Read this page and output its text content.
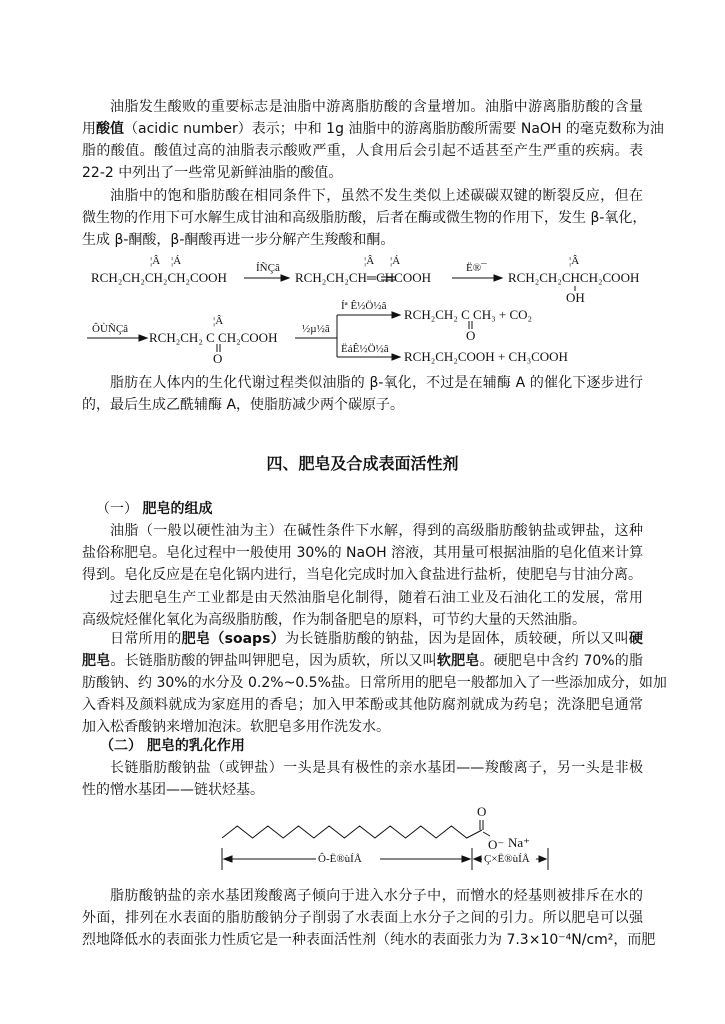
油脂发生酸败的重要标志是油脂中游离脂肪酸的含量增加。油脂中游离脂肪酸的含量
用酸值（acidic number）表示；中和 1g 油脂中的游离脂肪酸所需要 NaOH 的毫克数称为油
脂的酸值。酸值过高的油脂表示酸败严重，人食用后会引起不适甚至产生严重的疾病。表
22-2 中列出了一些常见新鲜油脂的酸值。
油脂中的饱和脂肪酸在相同条件下，虽然不发生类似上述碳碳双键的断裂反应，但在
微生物的作用下可水解生成甘油和高级脂肪酸，后者在酶或微生物的作用下，发生 β-氧化，
生成 β-酮酸，β-酮酸再进一步分解产生羧酸和酮。
¦Â ¦Á
RCH₂CH₂CH₂CH₂COOH
ÍÑÇâ
¦Â ¦Á
RCH₂CH₂CH═CHCOOH
Ë®¯
¦Â
RCH₂CH₂CHCH₂COOH
OH
ÔÙÑÇâ
¦Â
RCH₂CH₂ C CH₂COOH
O
½µ½â
Íª Ê½Ö½â
RCH₂CH₂ C CH₃ + CO₂
O
ËáÊ½Ö½â RCH₂CH₂COOH + CH₃COOH
脂肪在人体内的生化代谢过程类似油脂的 β-氧化，不过是在辅酶 A 的催化下逐步进行
的，最后生成乙酰辅酶 A，使脂肪减少两个碳原子。
四、肥皂及合成表面活性剂
（一） 肥皂的组成
油脂（一般以硬性油为主）在碱性条件下水解，得到的高级脂肪酸钠盐或钾盐，这种
盐俗称肥皂。皂化过程中一般使用 30%的 NaOH 溶液，其用量可根据油脂的皂化值来计算
得到。皂化反应是在皂化锅内进行，当皂化完成时加入食盐进行盐析，使肥皂与甘油分离。
过去肥皂生产工业都是由天然油脂皂化制得，随着石油工业及石油化工的发展，常用
高级烷烃催化氧化为高级脂肪酸，作为制备肥皂的原料，可节约大量的天然油脂。
日常所用的肥皂（soaps）为长链脂肪酸的钠盐，因为是固体，质较硬，所以又叫硬
肥皂。长链脂肪酸的钾盐叫钾肥皂，因为质软，所以又叫软肥皂。硬肥皂中含约 70%的脂
肪酸钠、约 30%的水分及 0.2%~0.5%盐。日常所用的肥皂一般都加入了一些添加成分，如加
入香料及颜料就成为家庭用的香皂；加入甲苯酚或其他防腐剂就成为药皂；洗涤肥皂通常
加入松香酸钠来增加泡沫。软肥皂多用作洗发水。
（二） 肥皂的乳化作用
长链脂肪酸钠盐（或钾盐）一头是具有极性的亲水基团——羧酸离子，另一头是非极
性的憎水基团——链状烃基。
O
O⁻ Na⁺
Ô-Ë®ùÍÅ	Ç×Ë®ùÍÅ
脂肪酸钠盐的亲水基团羧酸离子倾向于进入水分子中，而憎水的烃基则被排斥在水的
外面，排列在水表面的脂肪酸钠分子削弱了水表面上水分子之间的引力。所以肥皂可以强
烈地降低水的表面张力性质它是一种表面活性剂（纯水的表面张力为 7.3×10⁻⁴N/cm²，而肥
